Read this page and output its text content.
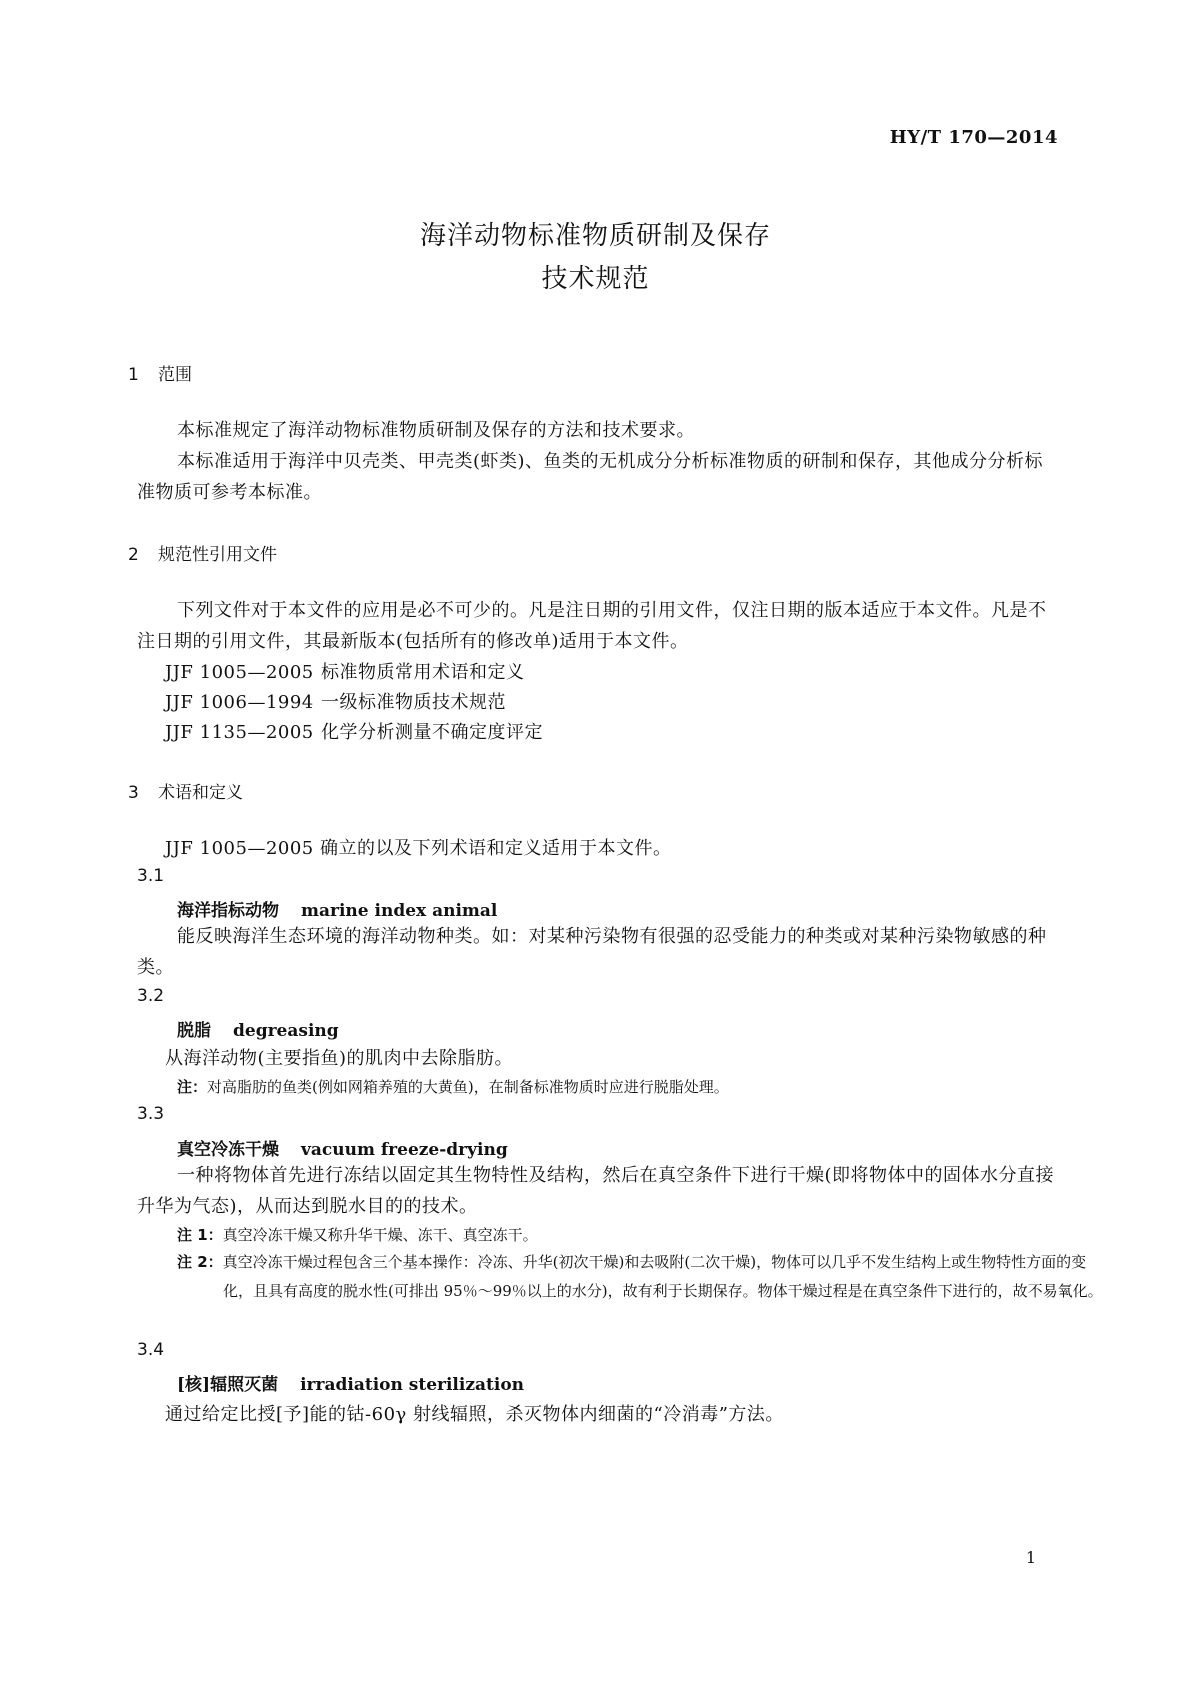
HY/T 170—2014
海洋动物标准物质研制及保存
技术规范
1 范围
本标准规定了海洋动物标准物质研制及保存的方法和技术要求。
本标准适用于海洋中贝壳类、甲壳类(虾类)、鱼类的无机成分分析标准物质的研制和保存，其他成分分析标准物质可参考本标准。
2 规范性引用文件
下列文件对于本文件的应用是必不可少的。凡是注日期的引用文件，仅注日期的版本适应于本文件。凡是不注日期的引用文件，其最新版本(包括所有的修改单)适用于本文件。
JJF 1005—2005 标准物质常用术语和定义
JJF 1006—1994 一级标准物质技术规范
JJF 1135—2005 化学分析测量不确定度评定
3 术语和定义
JJF 1005—2005 确立的以及下列术语和定义适用于本文件。
3.1
海洋指标动物 marine index animal
能反映海洋生态环境的海洋动物种类。如：对某种污染物有很强的忍受能力的种类或对某种污染物敏感的种类。
3.2
脱脂 degreasing
从海洋动物(主要指鱼)的肌肉中去除脂肪。
注：对高脂肪的鱼类(例如网箱养殖的大黄鱼)，在制备标准物质时应进行脱脂处理。
3.3
真空冷冻干燥 vacuum freeze-drying
一种将物体首先进行冻结以固定其生物特性及结构，然后在真空条件下进行干燥(即将物体中的固体水分直接升华为气态)，从而达到脱水目的的技术。
注 1：真空冷冻干燥又称升华干燥、冻干、真空冻干。
注 2：真空冷冻干燥过程包含三个基本操作：冷冻、升华(初次干燥)和去吸附(二次干燥)，物体可以几乎不发生结构上或生物特性方面的变化，且具有高度的脱水性(可排出 95％～99％以上的水分)，故有利于长期保存。物体干燥过程是在真空条件下进行的，故不易氧化。
3.4
[核]辐照灭菌 irradiation sterilization
通过给定比授[予]能的钴-60γ 射线辐照，杀灭物体内细菌的“冷消毒”方法。
1
